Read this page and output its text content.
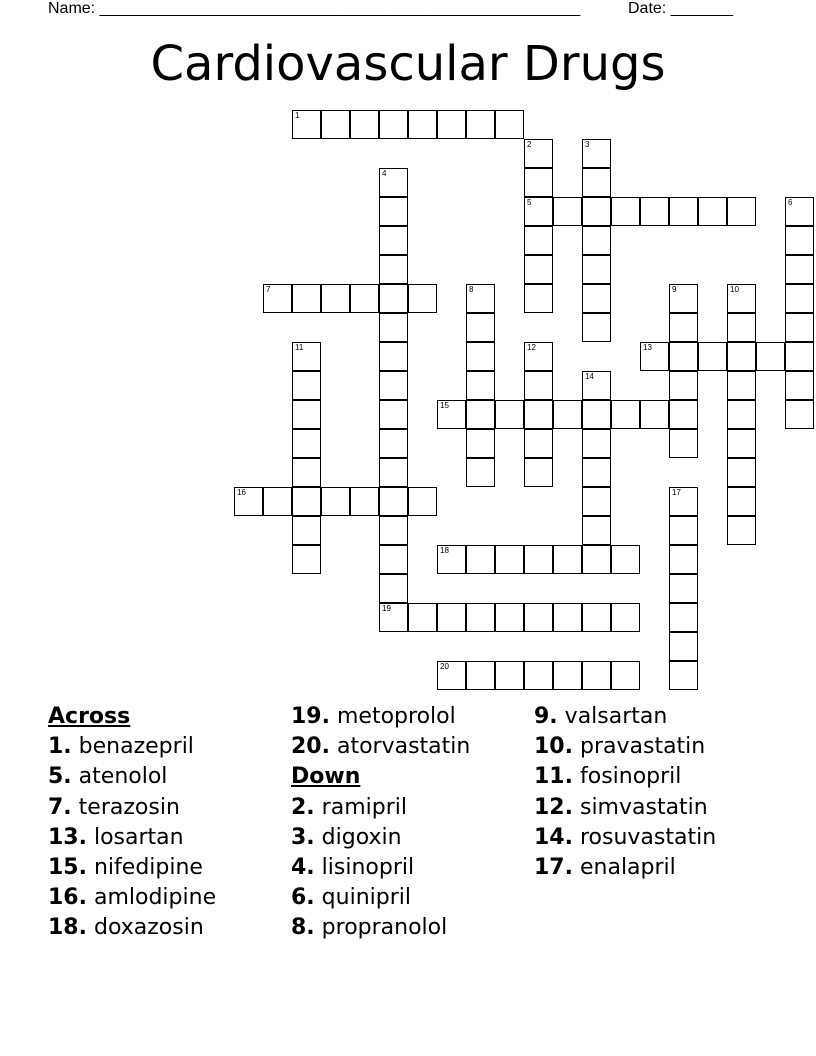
Name: ______________________________________________________	Date: _______
Cardiovascular Drugs
1
2
5
3
4
19
6
7	8	9	10
11	12	13
14
15
16	17
18
20
Across
1. benazepril
5. atenolol
7. terazosin
13. losartan
15. nifedipine
16. amlodipine
18. doxazosin
19. metoprolol
20. atorvastatin
Down
2. ramipril
3. digoxin
4. lisinopril
6. quinipril
8. propranolol
9. valsartan
10. pravastatin
11. fosinopril
12. simvastatin
14. rosuvastatin
17. enalapril
